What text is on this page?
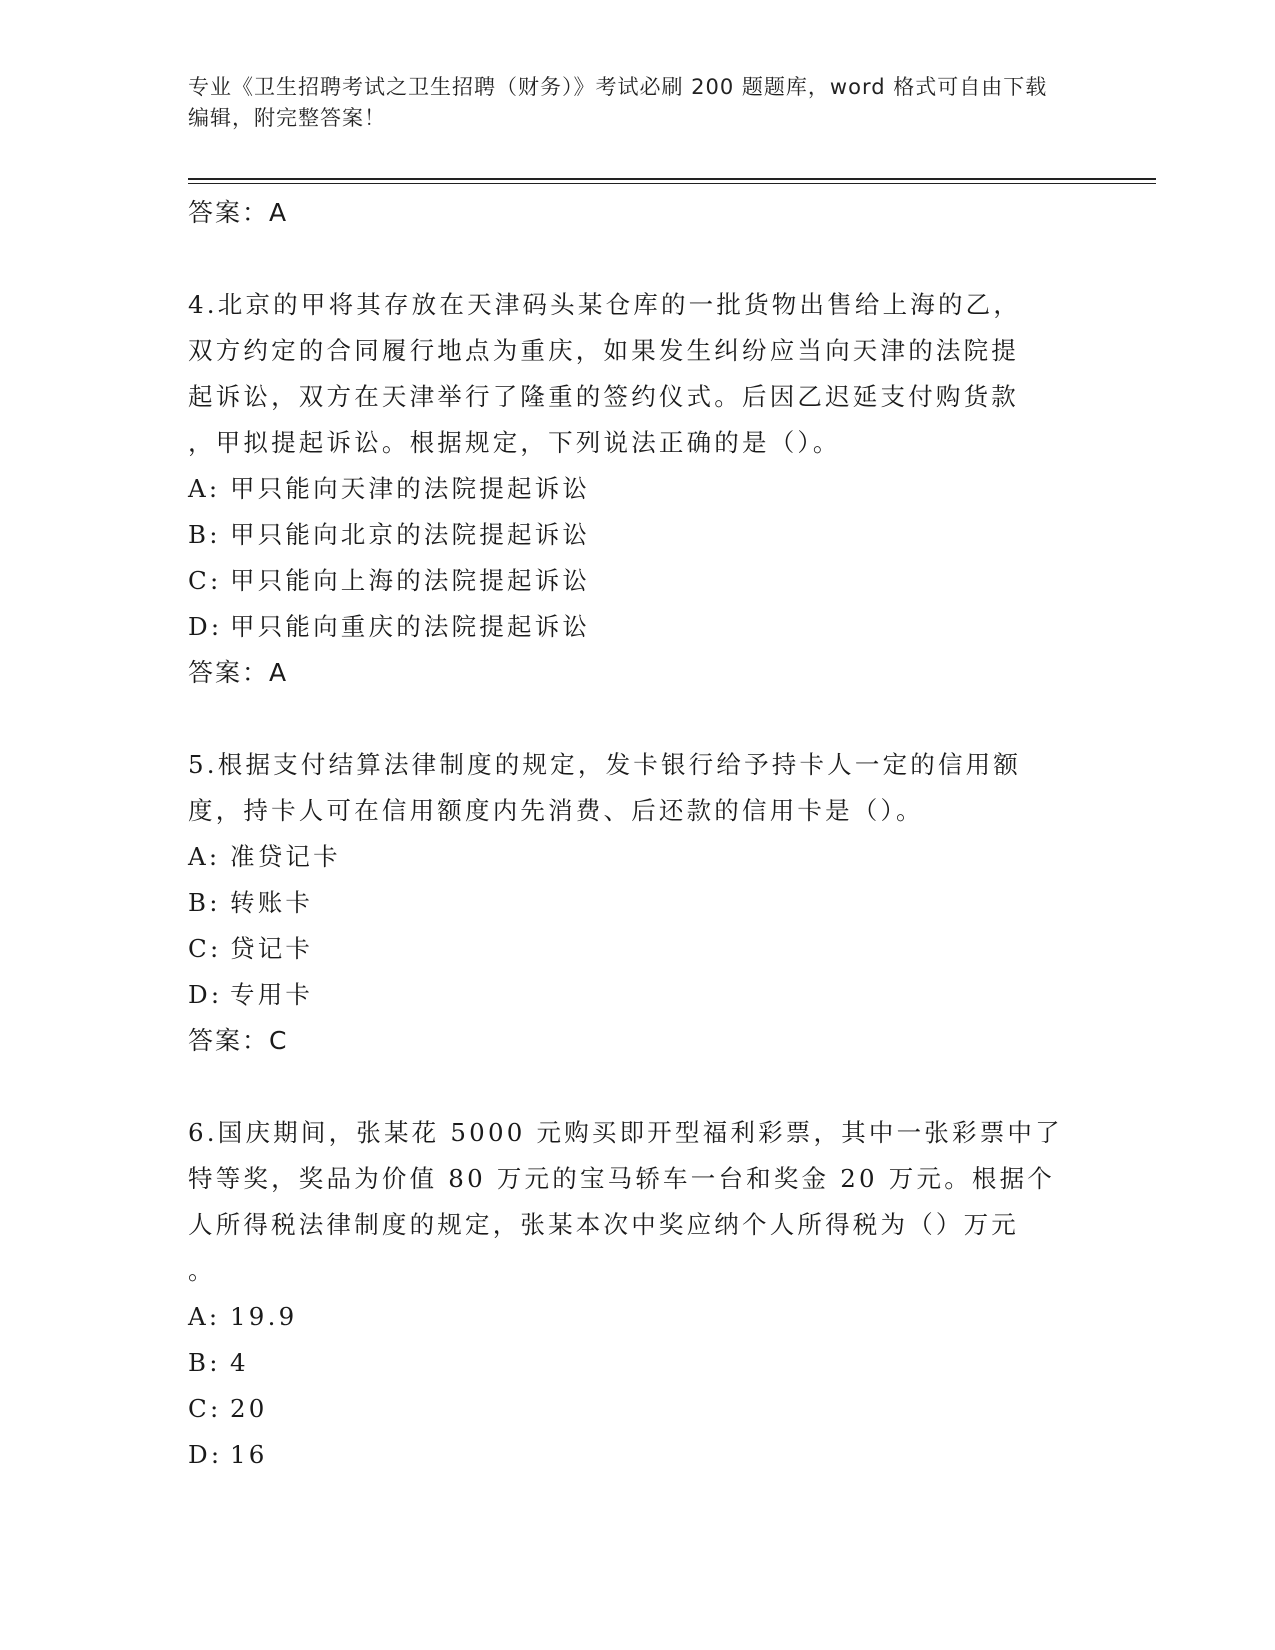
专业《卫生招聘考试之卫生招聘（财务）》考试必刷 200 题题库，word 格式可自由下载编辑，附完整答案！
答案：A
4.北京的甲将其存放在天津码头某仓库的一批货物出售给上海的乙，
双方约定的合同履行地点为重庆，如果发生纠纷应当向天津的法院提
起诉讼，双方在天津举行了隆重的签约仪式。后因乙迟延支付购货款
，甲拟提起诉讼。根据规定，下列说法正确的是（）。
A: 甲只能向天津的法院提起诉讼
B: 甲只能向北京的法院提起诉讼
C: 甲只能向上海的法院提起诉讼
D: 甲只能向重庆的法院提起诉讼
答案：A
5.根据支付结算法律制度的规定，发卡银行给予持卡人一定的信用额
度，持卡人可在信用额度内先消费、后还款的信用卡是（）。
A: 准贷记卡
B: 转账卡
C: 贷记卡
D: 专用卡
答案：C
6.国庆期间，张某花 5000 元购买即开型福利彩票，其中一张彩票中了
特等奖，奖品为价值 80 万元的宝马轿车一台和奖金 20 万元。根据个
人所得税法律制度的规定，张某本次中奖应纳个人所得税为（）万元
。
A: 19.9
B: 4
C: 20
D: 16
